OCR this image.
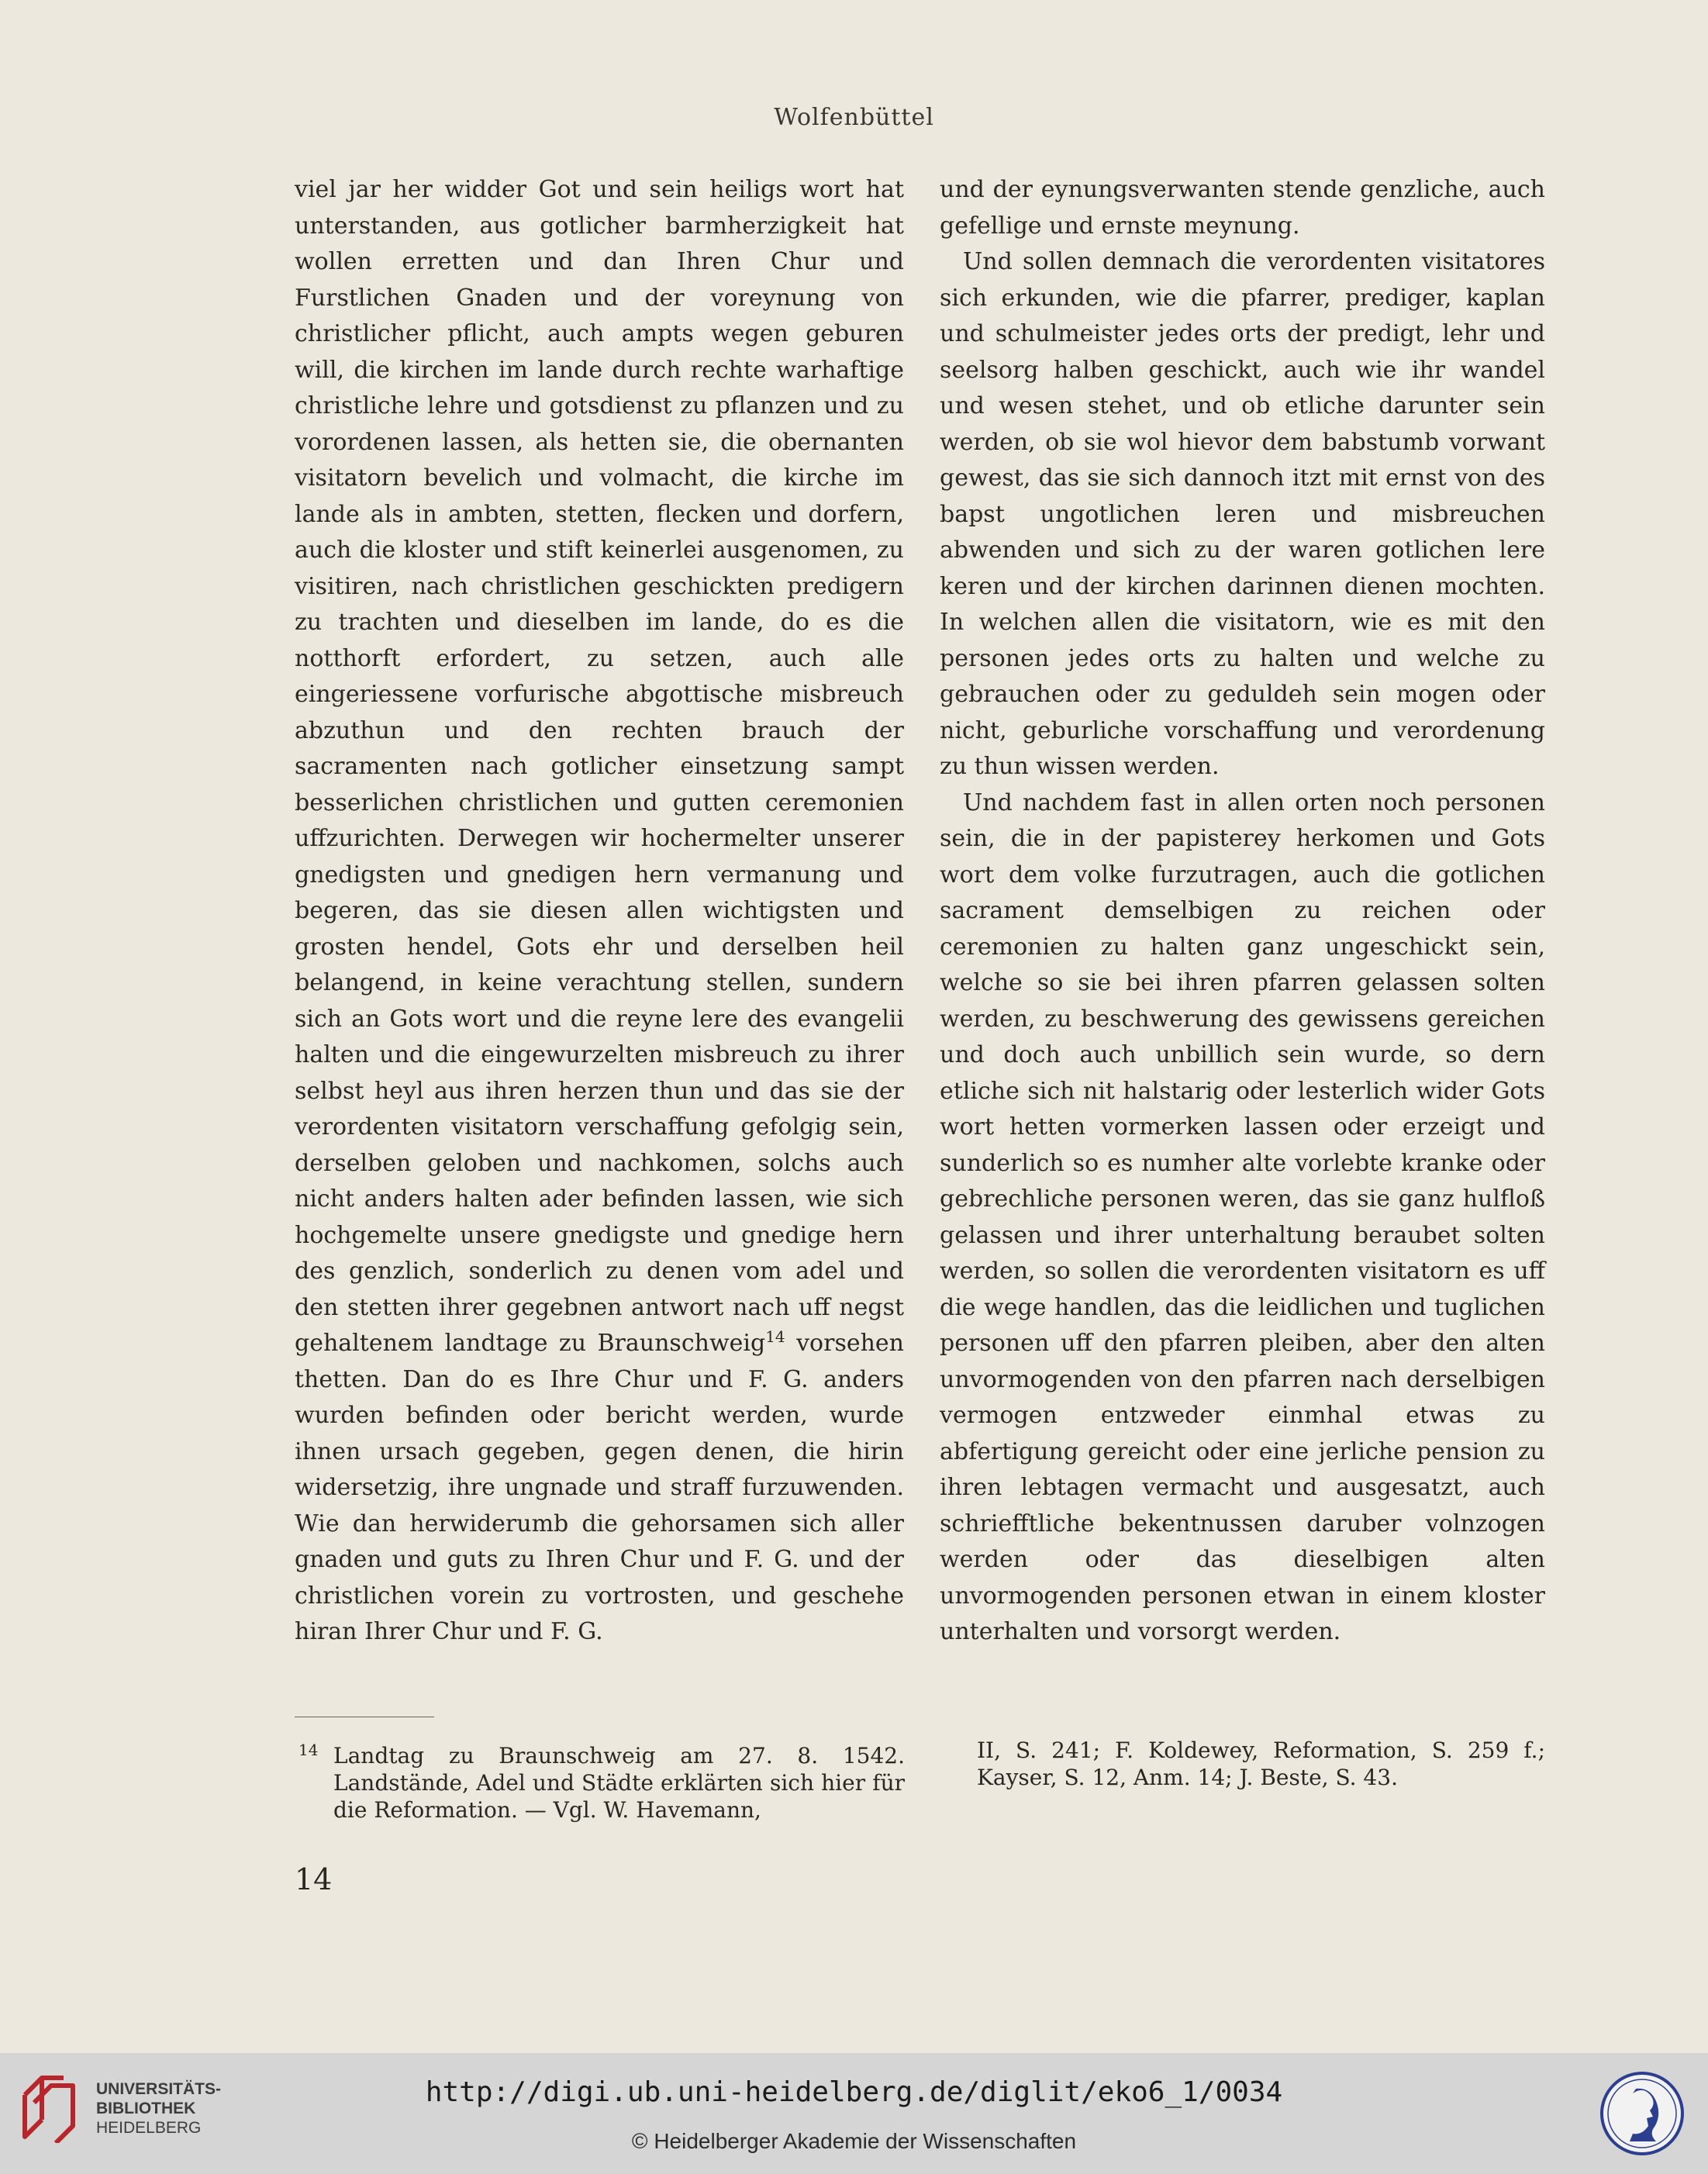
Wolfenbüttel

viel jar her widder Got und sein heiligs wort hat unterstanden, aus gotlicher barmherzigkeit hat wollen erretten und dan Ihren Chur und Furstlichen Gnaden und der voreynung von christlicher pflicht, auch ampts wegen geburen will, die kirchen im lande durch rechte warhaftige christliche lehre und gotsdienst zu pflanzen und zu vorordenen lassen, als hetten sie, die obernanten visitatorn bevelich und volmacht, die kirche im lande als in ambten, stetten, flecken und dorfern, auch die kloster und stift keinerlei ausgenomen, zu visitiren, nach christlichen geschickten predigern zu trachten und dieselben im lande, do es die notthorft erfordert, zu setzen, auch alle eingeriessene vorfurische abgottische misbreuch abzuthun und den rechten brauch der sacramenten nach gotlicher einsetzung sampt besserlichen christlichen und gutten ceremonien uffzurichten. Derwegen wir hochermelter unserer gnedigsten und gnedigen hern vermanung und begeren, das sie diesen allen wichtigsten und grosten hendel, Gots ehr und derselben heil belangend, in keine verachtung stellen, sundern sich an Gots wort und die reyne lere des evangelii halten und die eingewurzelten misbreuch zu ihrer selbst heyl aus ihren herzen thun und das sie der verordenten visitatorn verschaffung gefolgig sein, derselben geloben und nachkomen, solchs auch nicht anders halten ader befinden lassen, wie sich hochgemelte unsere gnedigste und gnedige hern des genzlich, sonderlich zu denen vom adel und den stetten ihrer gegebnen antwort nach uff negst gehaltenem landtage zu Braunschweig$^{14}$ vorsehen thetten. Dan do es Ihre Chur und F. G. anders wurden befinden oder bericht werden, wurde ihnen ursach gegeben, gegen denen, die hirin widersetzig, ihre ungnade und straff furzuwenden. Wie dan herwiderumb die gehorsamen sich aller gnaden und guts zu Ihren Chur und F. G. und der christlichen vorein zu vortrosten, und geschehe hiran Ihrer Chur und F. G.

und der eynungsverwanten stende genzliche, auch gefellige und ernste meynung.

Und sollen demnach die verordenten visitatores sich erkunden, wie die pfarrer, prediger, kaplan und schulmeister jedes orts der predigt, lehr und seelsorg halben geschickt, auch wie ihr wandel und wesen stehet, und ob etliche darunter sein werden, ob sie wol hievor dem babstumb vorwant gewest, das sie sich dannoch itzt mit ernst von des bapst ungotlichen leren und misbreuchen abwenden und sich zu der waren gotlichen lere keren und der kirchen darinnen dienen mochten. In welchen allen die visitatorn, wie es mit den personen jedes orts zu halten und welche zu gebrauchen oder zu geduldeh sein mogen oder nicht, geburliche vorschaffung und verordenung zu thun wissen werden.

Und nachdem fast in allen orten noch personen sein, die in der papisterey herkomen und Gots wort dem volke furzutragen, auch die gotlichen sacrament demselbigen zu reichen oder ceremonien zu halten ganz ungeschickt sein, welche so sie bei ihren pfarren gelassen solten werden, zu beschwerung des gewissens gereichen und doch auch unbillich sein wurde, so dern etliche sich nit halstarig oder lesterlich wider Gots wort hetten vormerken lassen oder erzeigt und sunderlich so es numher alte vorlebte kranke oder gebrechliche personen weren, das sie ganz hulfloß gelassen und ihrer unterhaltung beraubet solten werden, so sollen die verordenten visitatorn es uff die wege handlen, das die leidlichen und tuglichen personen uff den pfarren pleiben, aber den alten unvormogenden von den pfarren nach derselbigen vermogen entzweder einmhal etwas zu abfertigung gereicht oder eine jerliche pension zu ihren lebtagen vermacht und ausgesatzt, auch schriefftliche bekentnussen daruber volnzogen werden oder das dieselbigen alten unvormogenden personen etwan in einem kloster unterhalten und vorsorgt werden.

$^{14}$ Landtag zu Braunschweig am 27. 8. 1542. Landstände, Adel und Städte erklärten sich hier für die Reformation. — Vgl. W. Havemann,
II, S. 241; F. Koldewey, Reformation, S. 259 f.; Kayser, S. 12, Anm. 14; J. Beste, S. 43.
14
UNIVERSITÄTS-
BIBLIOTHEK
HEIDELBERG
http://digi.ub.uni-heidelberg.de/diglit/eko6_1/0034
© Heidelberger Akademie der Wissenschaften
